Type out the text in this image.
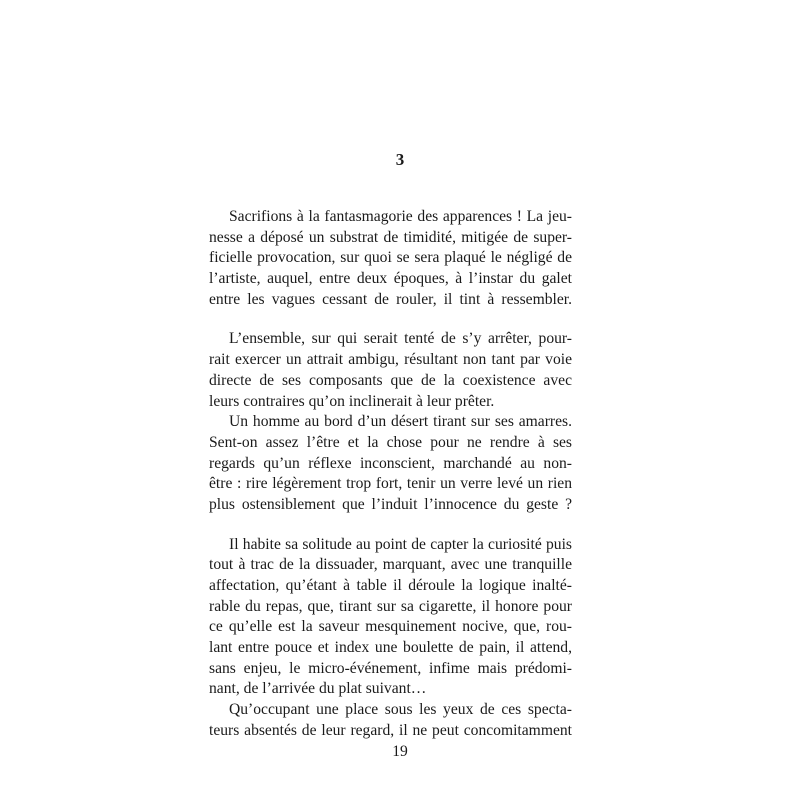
3
Sacrifions à la fantasmagorie des apparences ! La jeu-
nesse a déposé un substrat de timidité, mitigée de super-
ficielle provocation, sur quoi se sera plaqué le négligé de
l’artiste, auquel, entre deux époques, à l’instar du galet
entre les vagues cessant de rouler, il tint à ressembler.
L’ensemble, sur qui serait tenté de s’y arrêter, pour-
rait exercer un attrait ambigu, résultant non tant par voie
directe de ses composants que de la coexistence avec
leurs contraires qu’on inclinerait à leur prêter.
Un homme au bord d’un désert tirant sur ses amarres.
Sent-on assez l’être et la chose pour ne rendre à ses
regards qu’un réflexe inconscient, marchandé au non-
être : rire légèrement trop fort, tenir un verre levé un rien
plus ostensiblement que l’induit l’innocence du geste ?
Il habite sa solitude au point de capter la curiosité puis
tout à trac de la dissuader, marquant, avec une tranquille
affectation, qu’étant à table il déroule la logique inalté-
rable du repas, que, tirant sur sa cigarette, il honore pour
ce qu’elle est la saveur mesquinement nocive, que, rou-
lant entre pouce et index une boulette de pain, il attend,
sans enjeu, le micro-événement, infime mais prédomi-
nant, de l’arrivée du plat suivant…
Qu’occupant une place sous les yeux de ces specta-
teurs absentés de leur regard, il ne peut concomitamment
19
